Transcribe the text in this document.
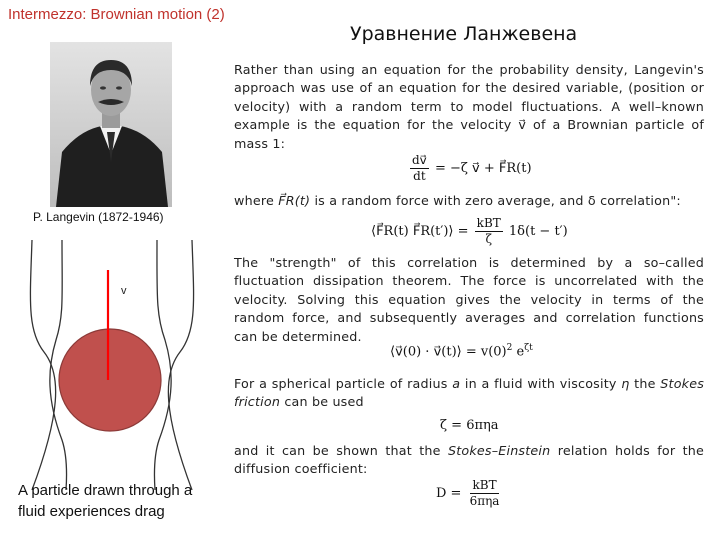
Intermezzo: Brownian motion (2)
Уравнение Ланжевена
P. Langevin (1872-1946)
v
A particle drawn through a fluid experiences drag
Rather than using an equation for the probability density, Langevin's approach was use of an equation for the desired variable, (position or velocity) with a random term to model fluctuations. A well–known example is the equation for the velocity v⃗ of a Brownian particle of mass 1:
$\frac{dv⃗}{dt} = -\zeta$ v⃗ + F⃗R(t)
where F⃗R(t) is a random force with zero average, and δ correlation":
⟨F⃗R(t) F⃗R(t′)⟩ = $\frac{\text{kBT}}{\zeta} 1\delta(t - t')$
The "strength" of this correlation is determined by a so–called fluctuation dissipation theorem. The force is uncorrelated with the velocity. Solving this equation gives the velocity in terms of the random force, and subsequently averages and correlation functions can be determined.
⟨v⃗(0) · v⃗(t)⟩ = $v(0)^2$ $e^{\zeta t}$
For a spherical particle of radius a in a fluid with viscosity η the Stokes friction can be used
ζ = 6πηa
and it can be shown that the Stokes–Einstein relation holds for the diffusion coefficient:
$D = \frac{\text{kBT}}{\text{6πηa}}$
